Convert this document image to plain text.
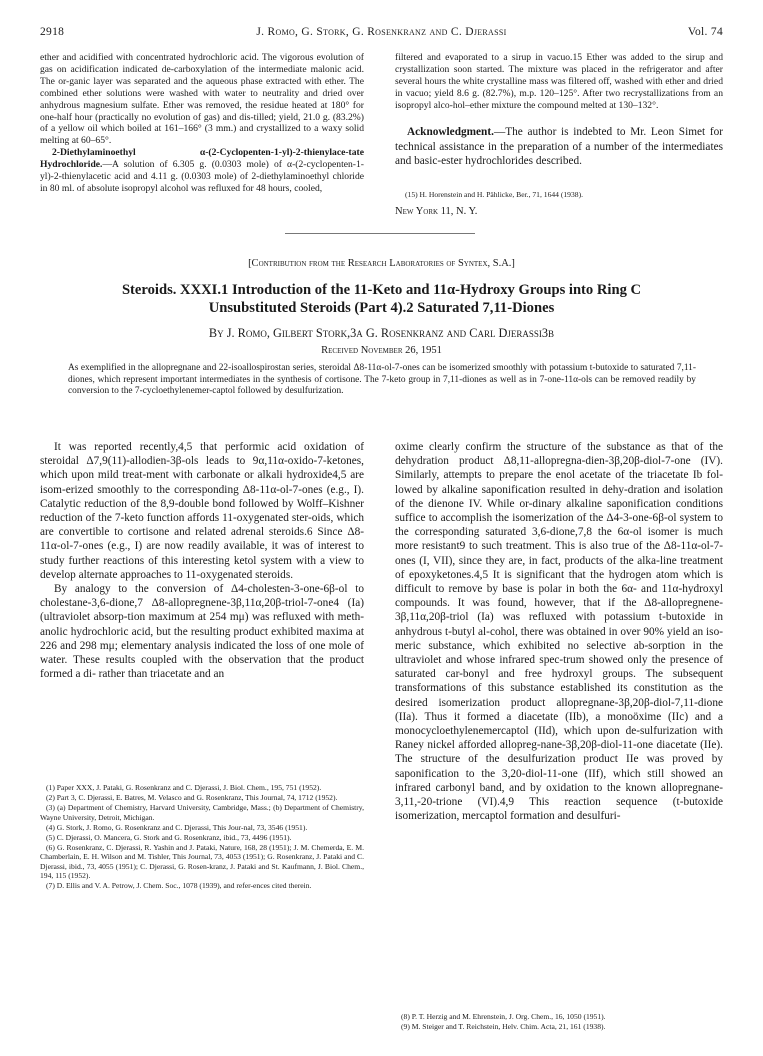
2918	J. Romo, G. Stork, G. Rosenkranz and C. Djerassi	Vol. 74

ether and acidified with concentrated hydrochloric acid. The vigorous evolution of gas on acidification indicated de-carboxylation of the intermediate malonic acid. The or-ganic layer was separated and the aqueous phase extracted with ether. The combined ether solutions were washed with water to neutrality and dried over anhydrous magnesium sulfate. Ether was removed, the residue heated at 180° for one-half hour (practically no evolution of gas) and dis-tilled; yield, 21.0 g. (83.2%) of a yellow oil which boiled at 161–166° (3 mm.) and crystallized to a waxy solid melting at 60–65°.

2-Diethylaminoethyl α-(2-Cyclopenten-1-yl)-2-thienylace-tate Hydrochloride.—A solution of 6.305 g. (0.0303 mole) of α-(2-cyclopenten-1-yl)-2-thienylacetic acid and 4.11 g. (0.0303 mole) of 2-diethylaminoethyl chloride in 80 ml. of absolute isopropyl alcohol was refluxed for 48 hours, cooled,

filtered and evaporated to a sirup in vacuo.15 Ether was added to the sirup and crystallization soon started. The mixture was placed in the refrigerator and after several hours the white crystalline mass was filtered off, washed with ether and dried in vacuo; yield 8.6 g. (82.7%), m.p. 120–125°. After two recrystallizations from an isopropyl alco-hol–ether mixture the compound melted at 130–132°.

Acknowledgment.—The author is indebted to Mr. Leon Simet for technical assistance in the preparation of a number of the intermediates and basic-ester hydrochlorides described.
(15) H. Horenstein and H. Pählicke, Ber., 71, 1644 (1938).
New York 11, N. Y.
[Contribution from the Research Laboratories of Syntex, S.A.]
Steroids. XXXI.1 Introduction of the 11-Keto and 11α-Hydroxy Groups into Ring C
Unsubstituted Steroids (Part 4).2 Saturated 7,11-Diones
By J. Romo, Gilbert Stork,3a G. Rosenkranz and Carl Djerassi3b
Received November 26, 1951
As exemplified in the allopregnane and 22-isoallospirostan series, steroidal Δ8-11α-ol-7-ones can be isomerized smoothly with potassium t-butoxide to saturated 7,11-diones, which represent important intermediates in the synthesis of cortisone. The 7-keto group in 7,11-diones as well as in 7-one-11α-ols can be removed readily by conversion to the 7-cycloethylenemer-captol followed by desulfurization.

It was reported recently,4,5 that performic acid oxidation of steroidal Δ7,9(11)-allodien-3β-ols leads to 9α,11α-oxido-7-ketones, which upon mild treat-ment with carbonate or alkali hydroxide4,5 are isom-erized smoothly to the corresponding Δ8-11α-ol-7-ones (e.g., I). Catalytic reduction of the 8,9-double bond followed by Wolff–Kishner reduction of the 7-keto function affords 11-oxygenated ster-oids, which are convertible to cortisone and related adrenal steroids.6 Since Δ8-11α-ol-7-ones (e.g., I) are now readily available, it was of interest to study further reactions of this interesting ketol system with a view to develop alternate approaches to 11-oxygenated steroids.

By analogy to the conversion of Δ4-cholesten-3-one-6β-ol to cholestane-3,6-dione,7 Δ8-allopregnene-3β,11α,20β-triol-7-one4 (Ia) (ultraviolet absorp-tion maximum at 254 mμ) was refluxed with meth-anolic hydrochloric acid, but the resulting product exhibited maxima at 226 and 298 mμ; elementary analysis indicated the loss of one mole of water. These results coupled with the observation that the product formed a di- rather than triacetate and an

(1) Paper XXX, J. Pataki, G. Rosenkranz and C. Djerassi, J. Biol. Chem., 195, 751 (1952).

(2) Part 3, C. Djerassi, E. Batres, M. Velasco and G. Rosenkranz, This Journal, 74, 1712 (1952).

(3) (a) Department of Chemistry, Harvard University, Cambridge, Mass.; (b) Department of Chemistry, Wayne University, Detroit, Michigan.

(4) G. Stork, J. Romo, G. Rosenkranz and C. Djerassi, This Jour-nal, 73, 3546 (1951).

(5) C. Djerassi, O. Mancera, G. Stork and G. Rosenkranz, ibid., 73, 4496 (1951).

(6) G. Rosenkranz, C. Djerassi, R. Yashin and J. Pataki, Nature, 168, 28 (1951); J. M. Chemerda, E. M. Chamberlain, E. H. Wilson and M. Tishler, This Journal, 73, 4053 (1951); G. Rosenkranz, J. Pataki and C. Djerassi, ibid., 73, 4055 (1951); C. Djerassi, G. Rosen-kranz, J. Pataki and St. Kaufmann, J. Biol. Chem., 194, 115 (1952).

(7) D. Ellis and V. A. Petrow, J. Chem. Soc., 1078 (1939), and refer-ences cited therein.

oxime clearly confirm the structure of the substance as that of the dehydration product Δ8,11-allopregna-dien-3β,20β-diol-7-one (IV). Similarly, attempts to prepare the enol acetate of the triacetate Ib fol-lowed by alkaline saponification resulted in dehy-dration and isolation of the dienone IV. While or-dinary alkaline saponification conditions suffice to accomplish the isomerization of the Δ4-3-one-6β-ol system to the corresponding saturated 3,6-dione,7,8 the 6α-ol isomer is much more resistant9 to such treatment. This is also true of the Δ8-11α-ol-7-ones (I, VII), since they are, in fact, products of the alka-line treatment of epoxyketones.4,5 It is significant that the hydrogen atom which is difficult to remove by base is polar in both the 6α- and 11α-hydroxyl compounds. It was found, however, that if the Δ8-allopregnene-3β,11α,20β-triol (Ia) was refluxed with potassium t-butoxide in anhydrous t-butyl al-cohol, there was obtained in over 90% yield an iso-meric substance, which exhibited no selective ab-sorption in the ultraviolet and whose infrared spec-trum showed only the presence of saturated car-bonyl and free hydroxyl groups. The subsequent transformations of this substance established its constitution as the desired isomerization product allopregnane-3β,20β-diol-7,11-dione (IIa). Thus it formed a diacetate (IIb), a monoöxime (IIc) and a monocycloethylenemercaptol (IId), which upon de-sulfurization with Raney nickel afforded allopreg-nane-3β,20β-diol-11-one diacetate (IIe). The structure of the desulfurization product IIe was proved by saponification to the 3,20-diol-11-one (IIf), which still showed an infrared carbonyl band, and by oxidation to the known allopregnane-3,11,-20-trione (VI).4,9 This reaction sequence (t-butoxide isomerization, mercaptol formation and desulfuri-

(8) P. T. Herzig and M. Ehrenstein, J. Org. Chem., 16, 1050 (1951).

(9) M. Steiger and T. Reichstein, Helv. Chim. Acta, 21, 161 (1938).
